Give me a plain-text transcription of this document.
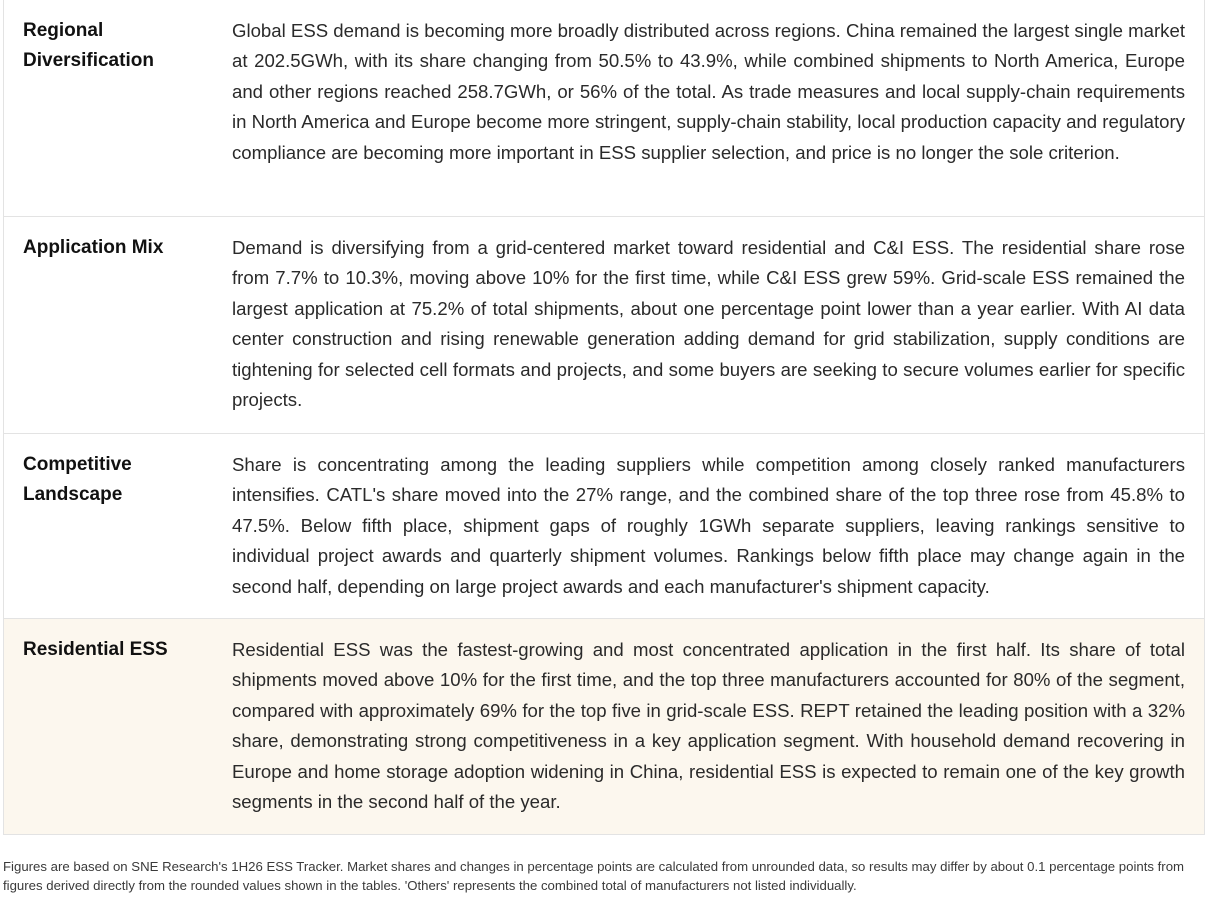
Regional Diversification
Global ESS demand is becoming more broadly distributed across regions. China remained the largest single market at 202.5GWh, with its share changing from 50.5% to 43.9%, while combined shipments to North America, Europe and other regions reached 258.7GWh, or 56% of the total. As trade measures and local supply-chain requirements in North America and Europe become more stringent, supply-chain stability, local production capacity and regulatory compliance are becoming more important in ESS supplier selection, and price is no longer the sole criterion.
Application Mix	Demand is diversifying from a grid-centered market toward residential and C&I ESS. The residential share rose from 7.7% to 10.3%, moving above 10% for the first time, while C&I ESS grew 59%. Grid-scale ESS remained the largest application at 75.2% of total shipments, about one percentage point lower than a year earlier. With AI data center construction and rising renewable generation adding demand for grid stabilization, supply conditions are tightening for selected cell formats and projects, and some buyers are seeking to secure volumes earlier for specific projects.
Competitive Landscape
Share is concentrating among the leading suppliers while competition among closely ranked manufacturers intensifies. CATL's share moved into the 27% range, and the combined share of the top three rose from 45.8% to 47.5%. Below fifth place, shipment gaps of roughly 1GWh separate suppliers, leaving rankings sensitive to individual project awards and quarterly shipment volumes. Rankings below fifth place may change again in the second half, depending on large project awards and each manufacturer's shipment capacity.
Residential ESS	Residential ESS was the fastest-growing and most concentrated application in the first half. Its share of total shipments moved above 10% for the first time, and the top three manufacturers accounted for 80% of the segment, compared with approximately 69% for the top five in grid-scale ESS. REPT retained the leading position with a 32% share, demonstrating strong competitiveness in a key application segment. With household demand recovering in Europe and home storage adoption widening in China, residential ESS is expected to remain one of the key growth segments in the second half of the year.
Figures are based on SNE Research's 1H26 ESS Tracker. Market shares and changes in percentage points are calculated from unrounded data, so results may differ by about 0.1 percentage points from figures derived directly from the rounded values shown in the tables. 'Others' represents the combined total of manufacturers not listed individually.
